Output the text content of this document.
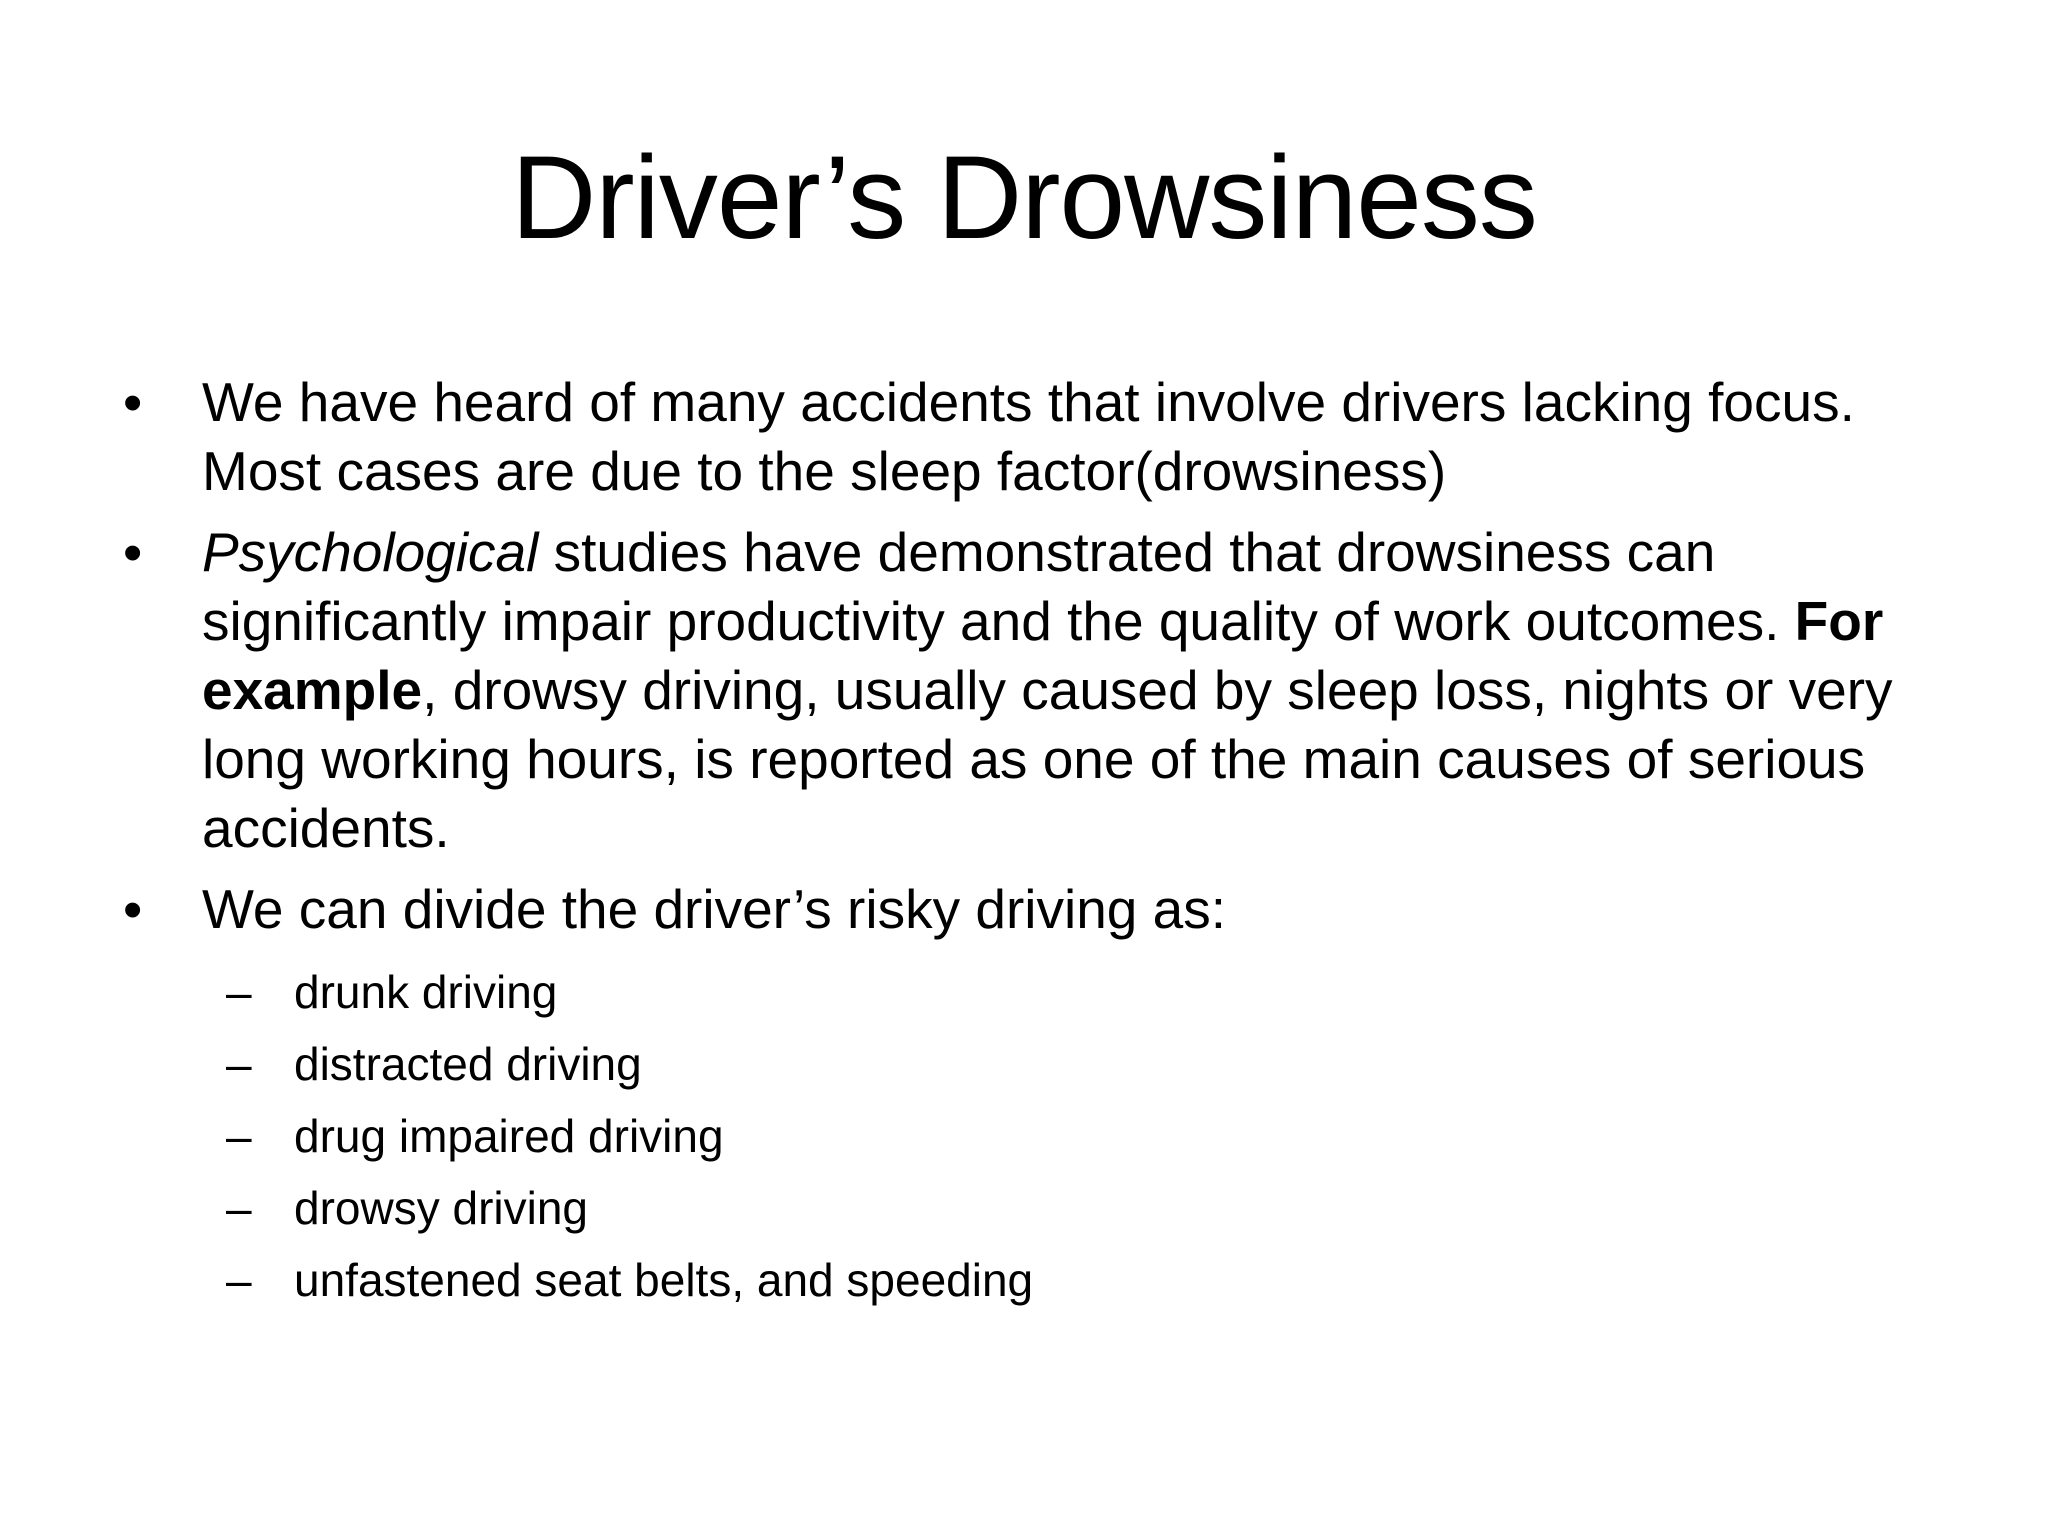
Driver’s Drowsiness
•	We have heard of many accidents that involve drivers lacking focus. Most cases are due to the sleep factor(drowsiness)
•	Psychological studies have demonstrated that drowsiness can significantly impair productivity and the quality of work outcomes. For example, drowsy driving, usually caused by sleep loss, nights or very long working hours, is reported as one of the main causes of serious accidents.
•	We can divide the driver’s risky driving as:
– drunk driving
– distracted driving
– drug impaired driving
– drowsy driving
– unfastened seat belts, and speeding
